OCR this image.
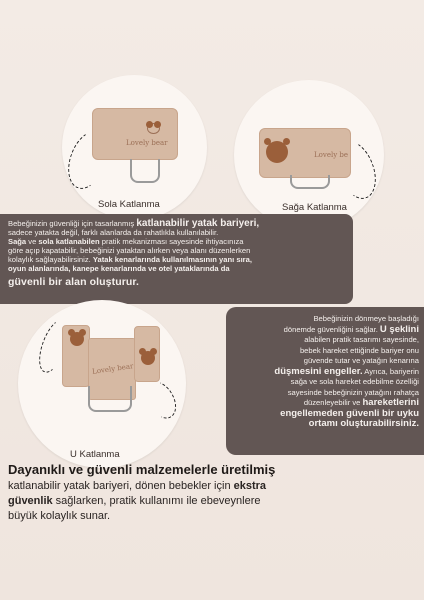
Lovely bear
Sola Katlanma
Lovely be
Sağa Katlanma

Bebeğinizin güvenliği için tasarlanmış katlanabilir yatak bariyeri,
sadece yatakta değil, farklı alanlarda da rahatlıkla kullanılabilir.
Sağa ve sola katlanabilen pratik mekanizması sayesinde ihtiyacınıza
göre açıp kapatabilir, bebeğinizi yataktan alırken veya alanı düzenlerken
kolaylık sağlayabilirsiniz. Yatak kenarlarında kullanılmasının yanı sıra,
oyun alanlarında, kanepe kenarlarında ve otel yataklarında da

güvenli bir alan oluşturur.

Lovely bear
U Katlanma

Bebeğinizin dönmeye başladığı
dönemde güvenliğini sağlar. U şeklini
alabilen pratik tasarımı sayesinde,
bebek hareket ettiğinde bariyer onu
güvende tutar ve yatağın kenarına
düşmesini engeller. Ayrıca, bariyerin
sağa ve sola hareket edebilme özelliği
sayesinde bebeğinizin yatağını rahatça
düzenleyebilir ve hareketlerini
engellemeden güvenli bir uyku
ortamı oluşturabilirsiniz.

Dayanıklı ve güvenli malzemelerle üretilmiş

katlanabilir yatak bariyeri, dönen bebekler için ekstra
güvenlik sağlarken, pratik kullanımı ile ebeveynlere
büyük kolaylık sunar.
